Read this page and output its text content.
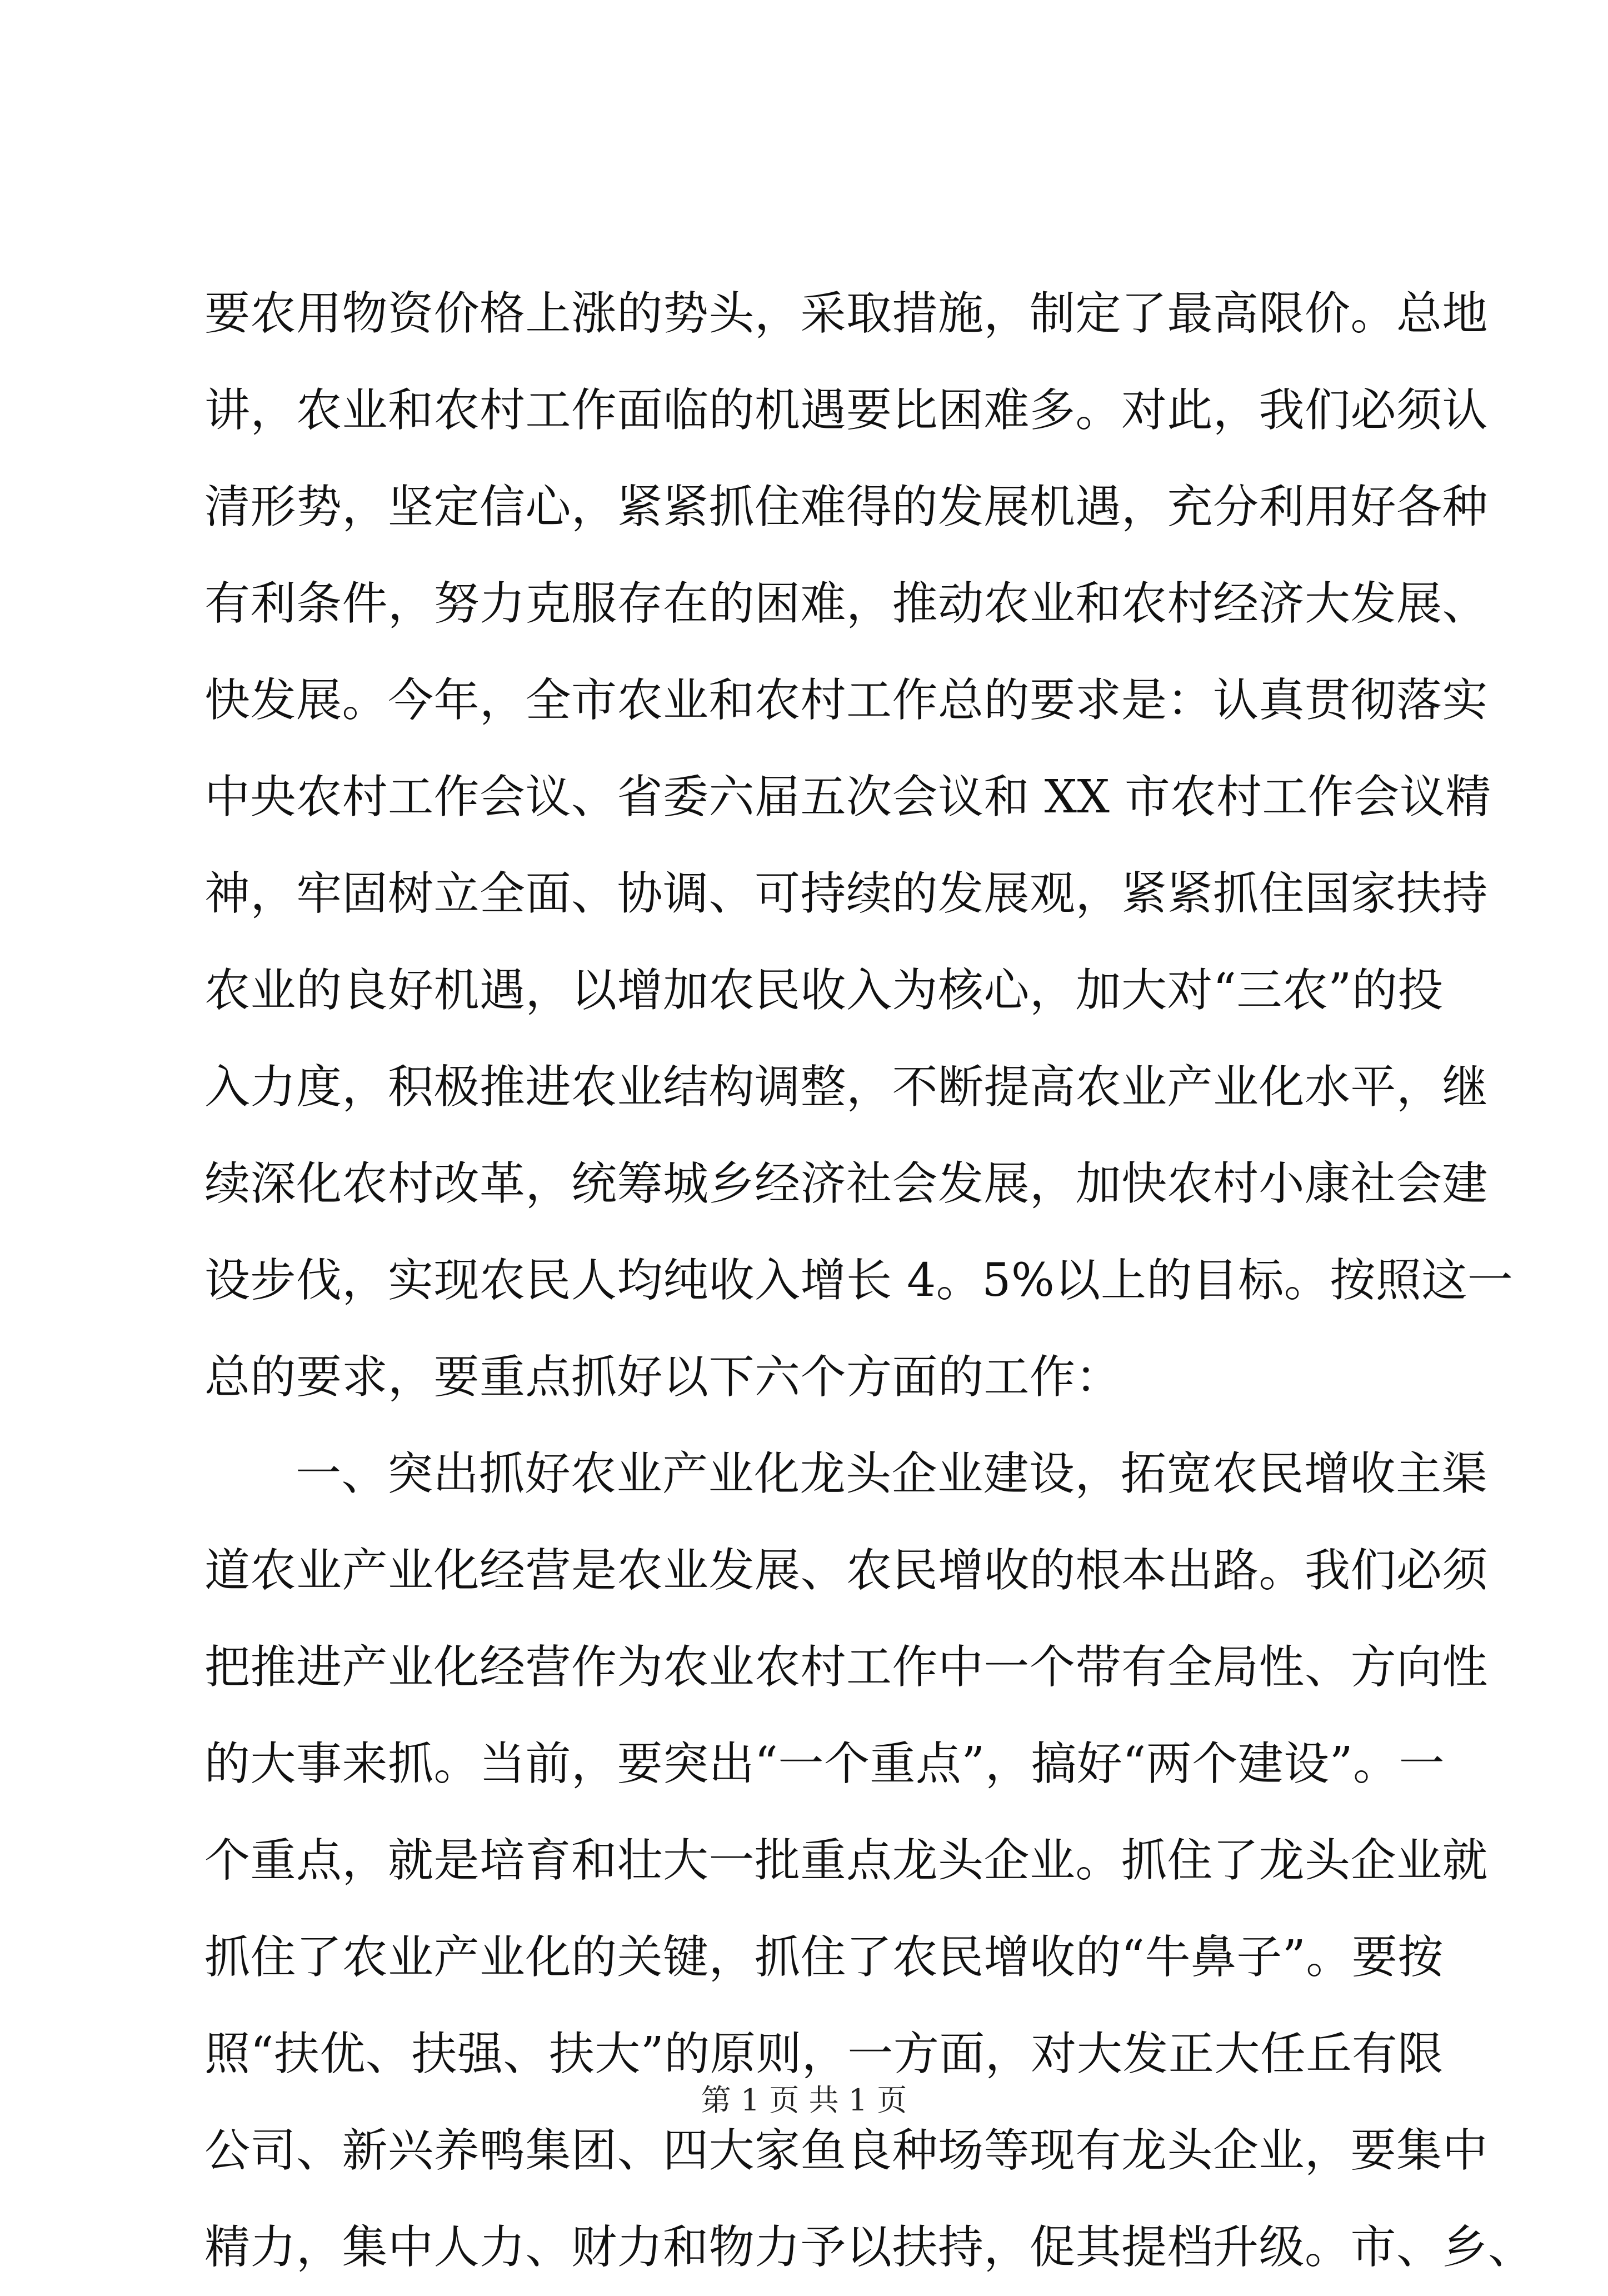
要农用物资价格上涨的势头，采取措施，制定了最高限价。总地
讲，农业和农村工作面临的机遇要比困难多。对此，我们必须认
清形势，坚定信心，紧紧抓住难得的发展机遇，充分利用好各种
有利条件，努力克服存在的困难，推动农业和农村经济大发展、
快发展。今年，全市农业和农村工作总的要求是：认真贯彻落实
中央农村工作会议、省委六届五次会议和 XX 市农村工作会议精
神，牢固树立全面、协调、可持续的发展观，紧紧抓住国家扶持
农业的良好机遇，以增加农民收入为核心，加大对“三农”的投
入力度，积极推进农业结构调整，不断提高农业产业化水平，继
续深化农村改革，统筹城乡经济社会发展，加快农村小康社会建
设步伐，实现农民人均纯收入增长 4。5%以上的目标。按照这一
总的要求，要重点抓好以下六个方面的工作：
一、突出抓好农业产业化龙头企业建设，拓宽农民增收主渠
道农业产业化经营是农业发展、农民增收的根本出路。我们必须
把推进产业化经营作为农业农村工作中一个带有全局性、方向性
的大事来抓。当前，要突出“一个重点”，搞好“两个建设”。一
个重点，就是培育和壮大一批重点龙头企业。抓住了龙头企业就
抓住了农业产业化的关键，抓住了农民增收的“牛鼻子”。要按
照“扶优、扶强、扶大”的原则，一方面，对大发正大任丘有限
公司、新兴养鸭集团、四大家鱼良种场等现有龙头企业，要集中
精力，集中人力、财力和物力予以扶持，促其提档升级。市、乡、
第 1 页 共 1 页
